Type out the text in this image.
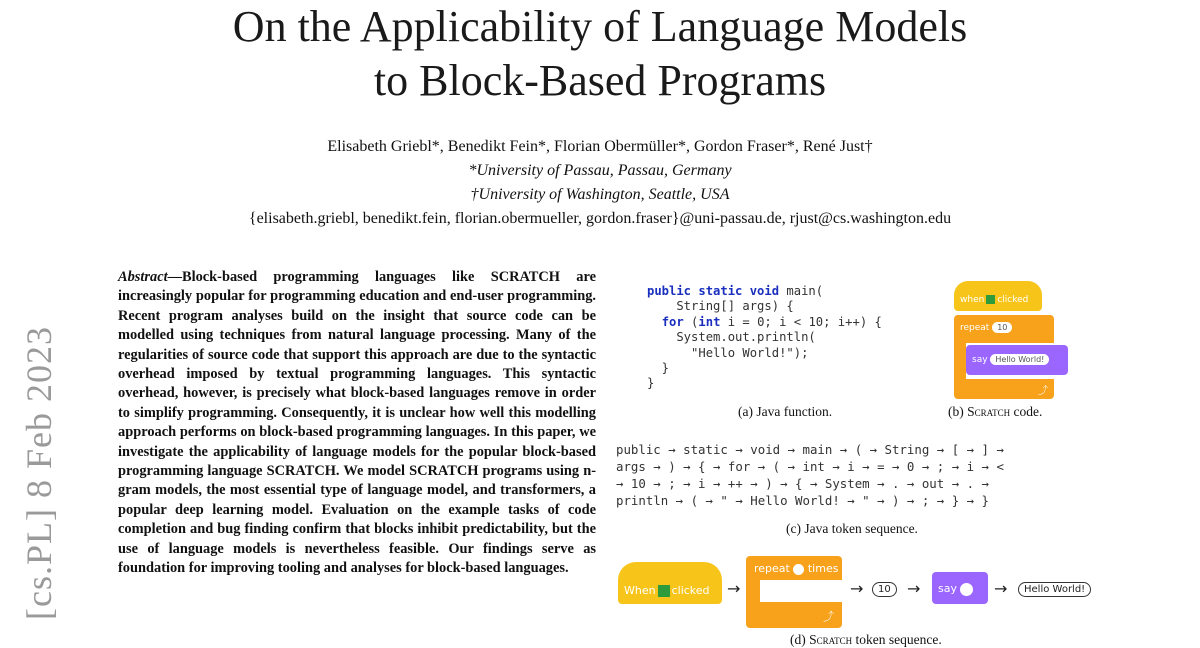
On the Applicability of Language Models
to Block-Based Programs
Elisabeth Griebl*, Benedikt Fein*, Florian Obermüller*, Gordon Fraser*, René Just†
*University of Passau, Passau, Germany
†University of Washington, Seattle, USA
{elisabeth.griebl, benedikt.fein, florian.obermueller, gordon.fraser}@uni-passau.de, rjust@cs.washington.edu
[cs.PL] 8 Feb 2023
Abstract—Block-based programming languages like SCRATCH are increasingly popular for programming education and end-user programming. Recent program analyses build on the insight that source code can be modelled using techniques from natural language processing. Many of the regularities of source code that support this approach are due to the syntactic overhead imposed by textual programming languages. This syntactic overhead, however, is precisely what block-based languages remove in order to simplify programming. Consequently, it is unclear how well this modelling approach performs on block-based programming languages. In this paper, we investigate the applicability of language models for the popular block-based programming language SCRATCH. We model SCRATCH programs using n-gram models, the most essential type of language model, and transformers, a popular deep learning model. Evaluation on the example tasks of code completion and bug finding confirm that blocks inhibit predictability, but the use of language models is nevertheless feasible. Our findings serve as foundation for improving tooling and analyses for block-based languages.
public static void main(
String[] args) {
for (int i = 0; i < 10; i++) {
System.out.println(
"Hello World!");
}
}
(a) Java function.
when clicked
repeat 10
⤴
say Hello World!
(b) Scratch code.
public → static → void → main → ( → String → [ → ] →
args → ) → { → for → ( → int → i → = → 0 → ; → i → <
→ 10 → ; → i → ++ → ) → { → System → . → out → . →
println → ( → " → Hello World! → " → ) → ; → } → }
(c) Java token sequence.
When clicked →
repeat times
⤴
→	10	→ say	→	Hello World!
(d) Scratch token sequence.
